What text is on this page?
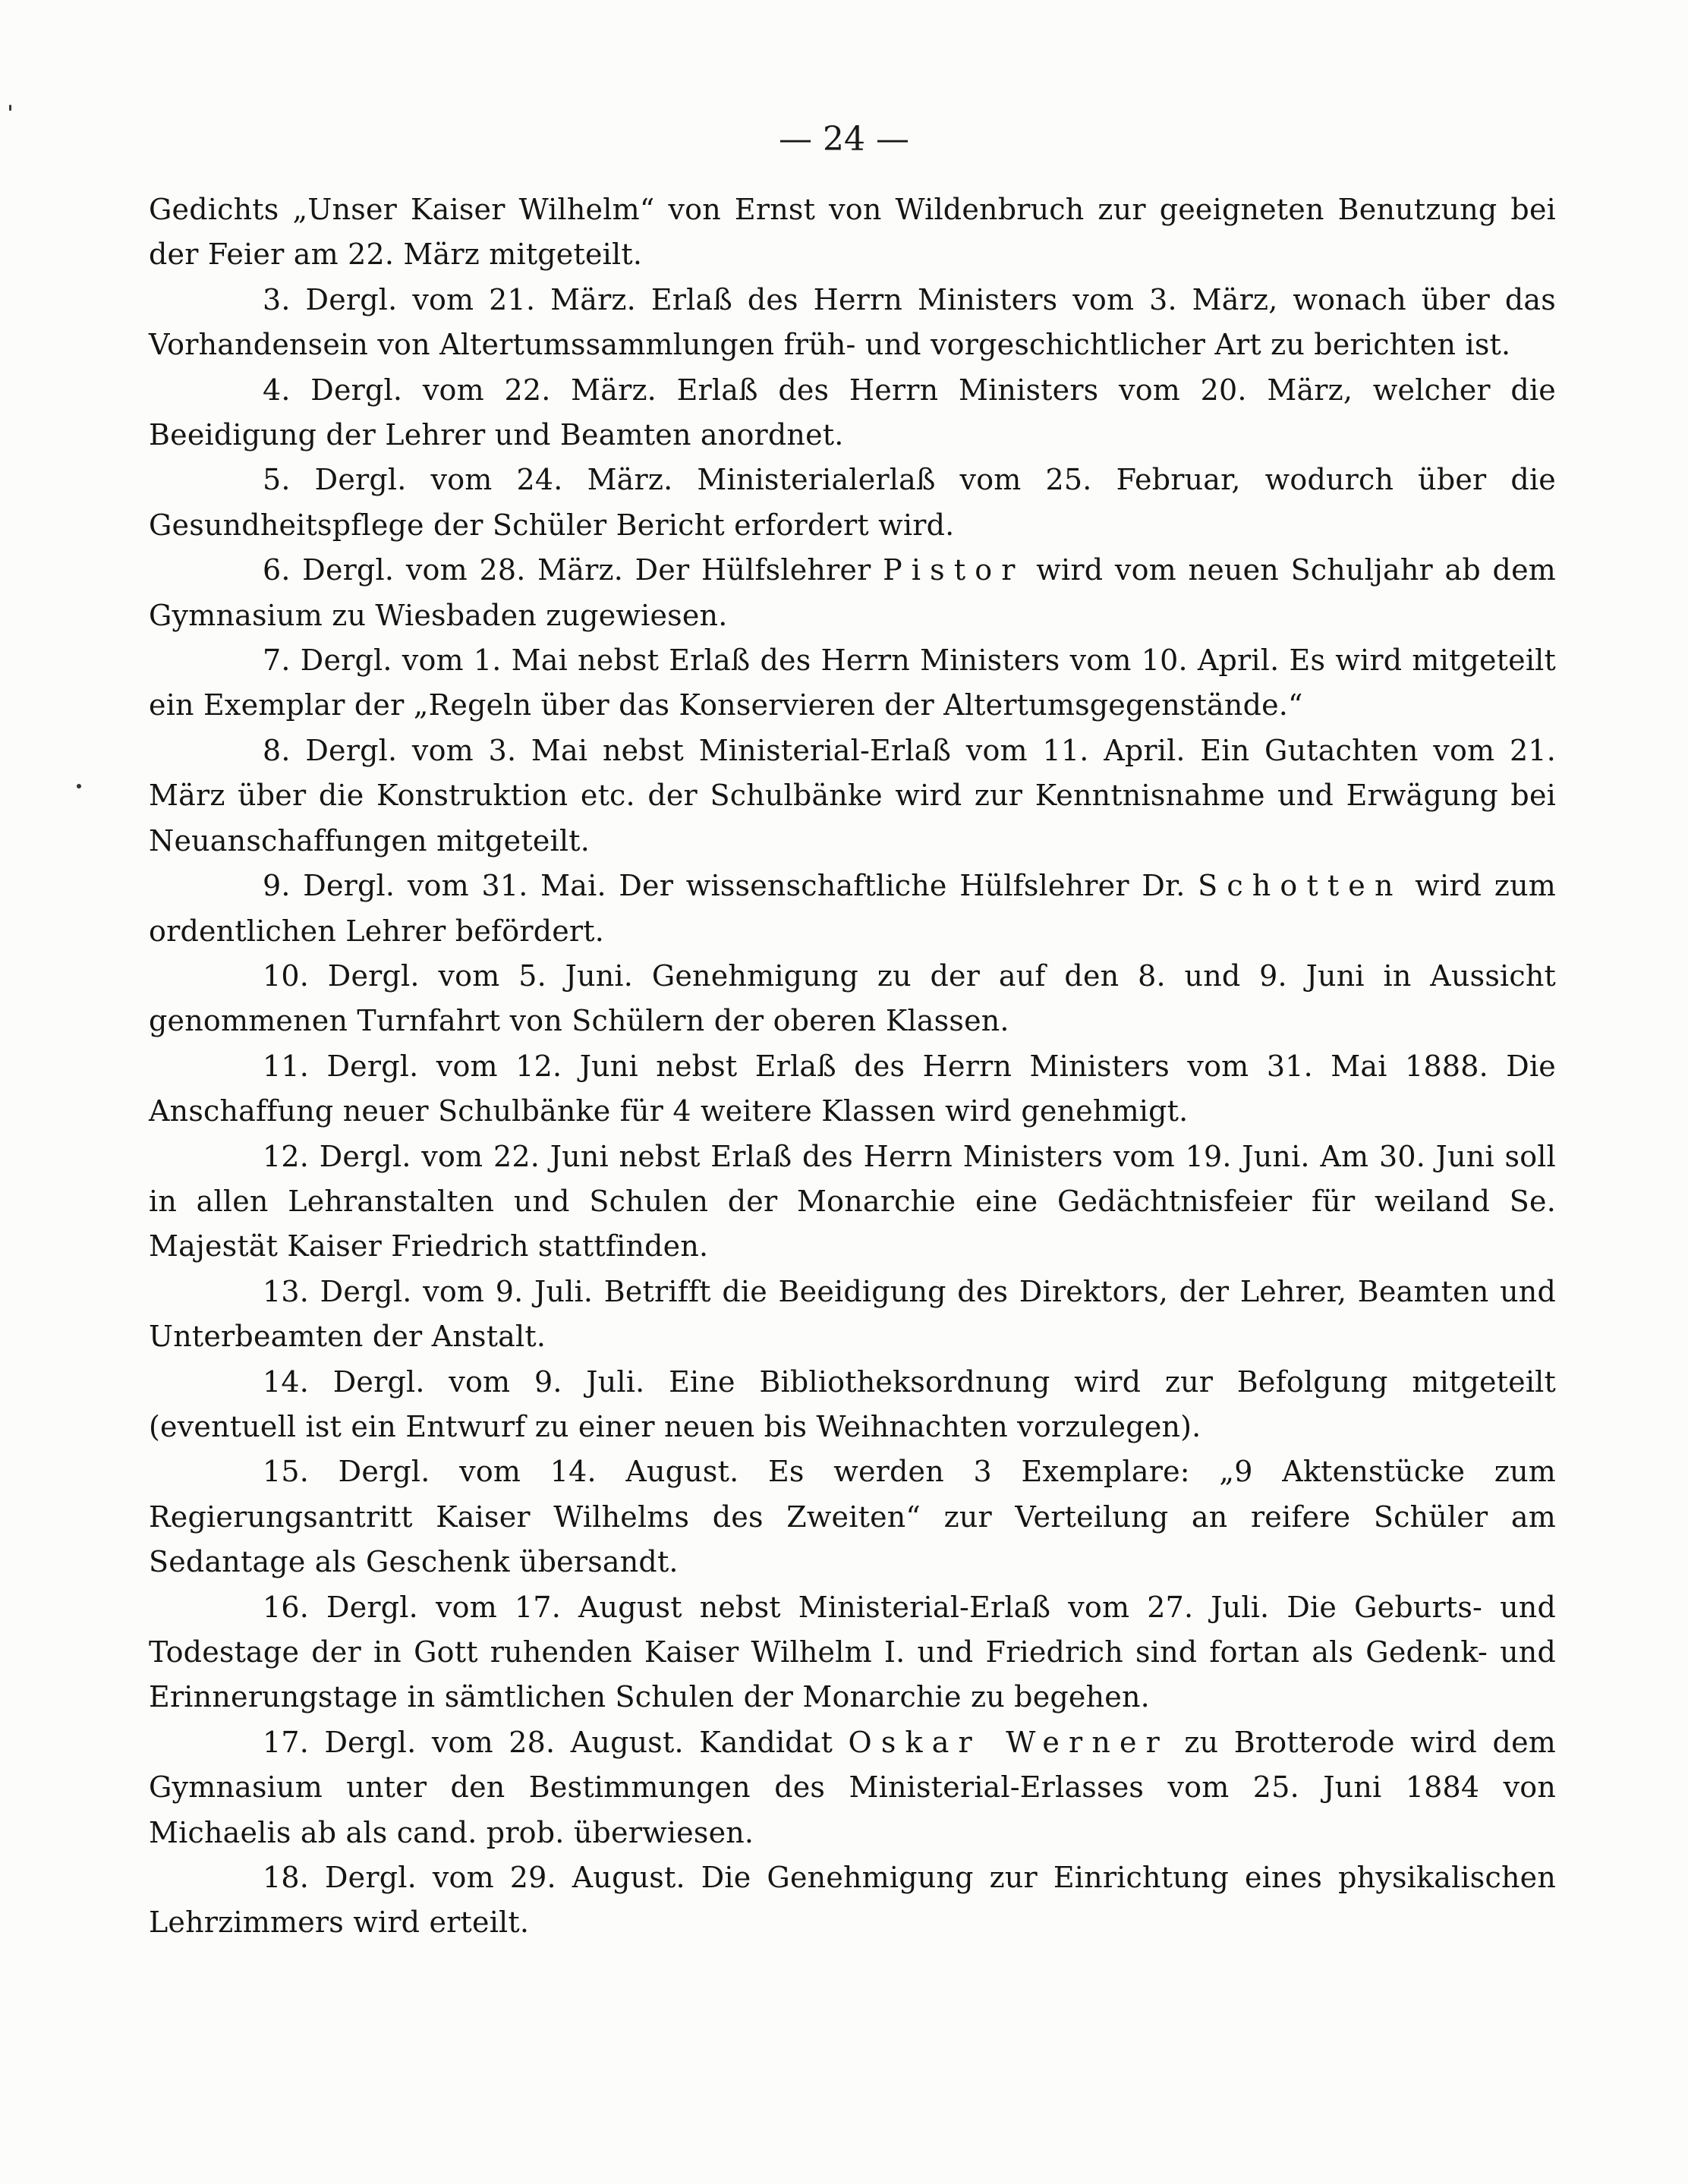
— 24 —

Gedichts „Unser Kaiser Wilhelm“ von Ernst von Wildenbruch zur geeigneten Benutzung bei der Feier am 22. März mitgeteilt.

3. Dergl. vom 21. März. Erlaß des Herrn Ministers vom 3. März, wonach über das Vorhandensein von Altertumssammlungen früh- und vorgeschichtlicher Art zu berichten ist.

4. Dergl. vom 22. März. Erlaß des Herrn Ministers vom 20. März, welcher die Beeidigung der Lehrer und Beamten anordnet.

5. Dergl. vom 24. März. Ministerialerlaß vom 25. Februar, wodurch über die Gesundheitspflege der Schüler Bericht erfordert wird.

6. Dergl. vom 28. März. Der Hülfslehrer Pistor wird vom neuen Schuljahr ab dem Gymnasium zu Wiesbaden zugewiesen.

7. Dergl. vom 1. Mai nebst Erlaß des Herrn Ministers vom 10. April. Es wird mitgeteilt ein Exemplar der „Regeln über das Konservieren der Altertumsgegenstände.“

8. Dergl. vom 3. Mai nebst Ministerial-Erlaß vom 11. April. Ein Gutachten vom 21. März über die Konstruktion etc. der Schulbänke wird zur Kenntnisnahme und Erwägung bei Neuanschaffungen mitgeteilt.

9. Dergl. vom 31. Mai. Der wissenschaftliche Hülfslehrer Dr. Schotten wird zum ordentlichen Lehrer befördert.

10. Dergl. vom 5. Juni. Genehmigung zu der auf den 8. und 9. Juni in Aussicht genommenen Turnfahrt von Schülern der oberen Klassen.

11. Dergl. vom 12. Juni nebst Erlaß des Herrn Ministers vom 31. Mai 1888. Die Anschaffung neuer Schulbänke für 4 weitere Klassen wird genehmigt.

12. Dergl. vom 22. Juni nebst Erlaß des Herrn Ministers vom 19. Juni. Am 30. Juni soll in allen Lehranstalten und Schulen der Monarchie eine Gedächtnisfeier für weiland Se. Majestät Kaiser Friedrich stattfinden.

13. Dergl. vom 9. Juli. Betrifft die Beeidigung des Direktors, der Lehrer, Beamten und Unterbeamten der Anstalt.

14. Dergl. vom 9. Juli. Eine Bibliotheksordnung wird zur Befolgung mitgeteilt (eventuell ist ein Entwurf zu einer neuen bis Weihnachten vorzulegen).

15. Dergl. vom 14. August. Es werden 3 Exemplare: „9 Aktenstücke zum Regierungsantritt Kaiser Wilhelms des Zweiten“ zur Verteilung an reifere Schüler am Sedantage als Geschenk übersandt.

16. Dergl. vom 17. August nebst Ministerial-Erlaß vom 27. Juli. Die Geburts- und Todestage der in Gott ruhenden Kaiser Wilhelm I. und Friedrich sind fortan als Gedenk- und Erinnerungstage in sämtlichen Schulen der Monarchie zu begehen.

17. Dergl. vom 28. August. Kandidat Oskar Werner zu Brotterode wird dem Gymnasium unter den Bestimmungen des Ministerial-Erlasses vom 25. Juni 1884 von Michaelis ab als cand. prob. überwiesen.

18. Dergl. vom 29. August. Die Genehmigung zur Einrichtung eines physikalischen Lehrzimmers wird erteilt.
